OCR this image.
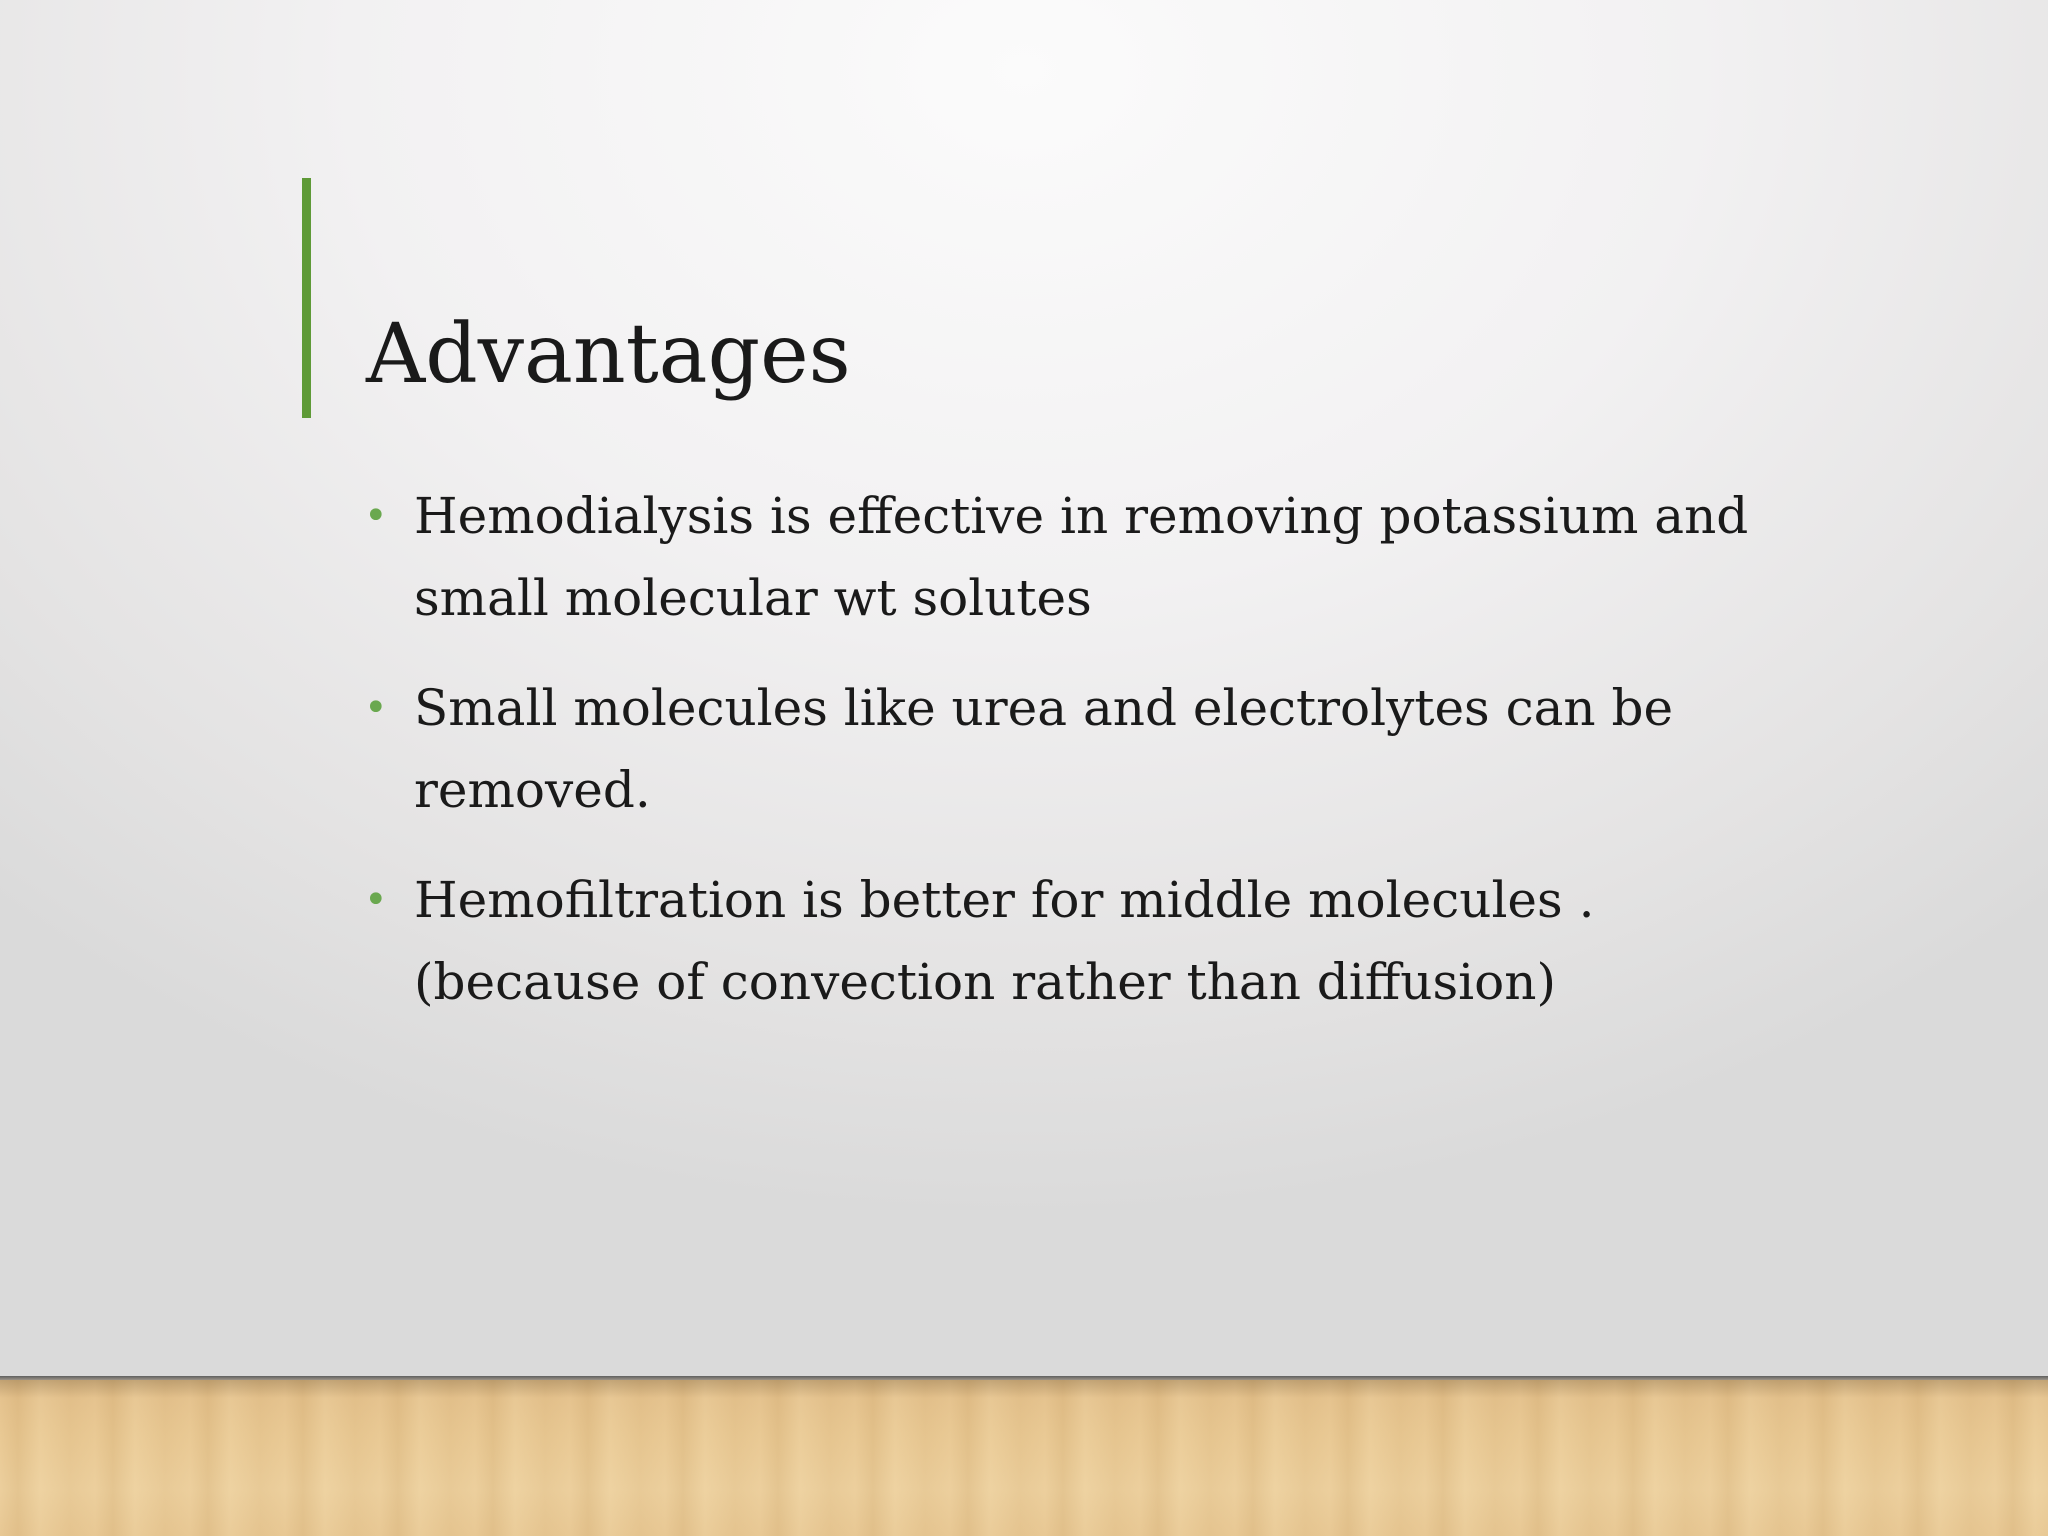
Advantages
• Hemodialysis is effective in removing potassium and small molecular wt solutes
• Small molecules like urea and electrolytes can be removed.
• Hemofiltration is better for middle molecules . (because of convection rather than diffusion)
